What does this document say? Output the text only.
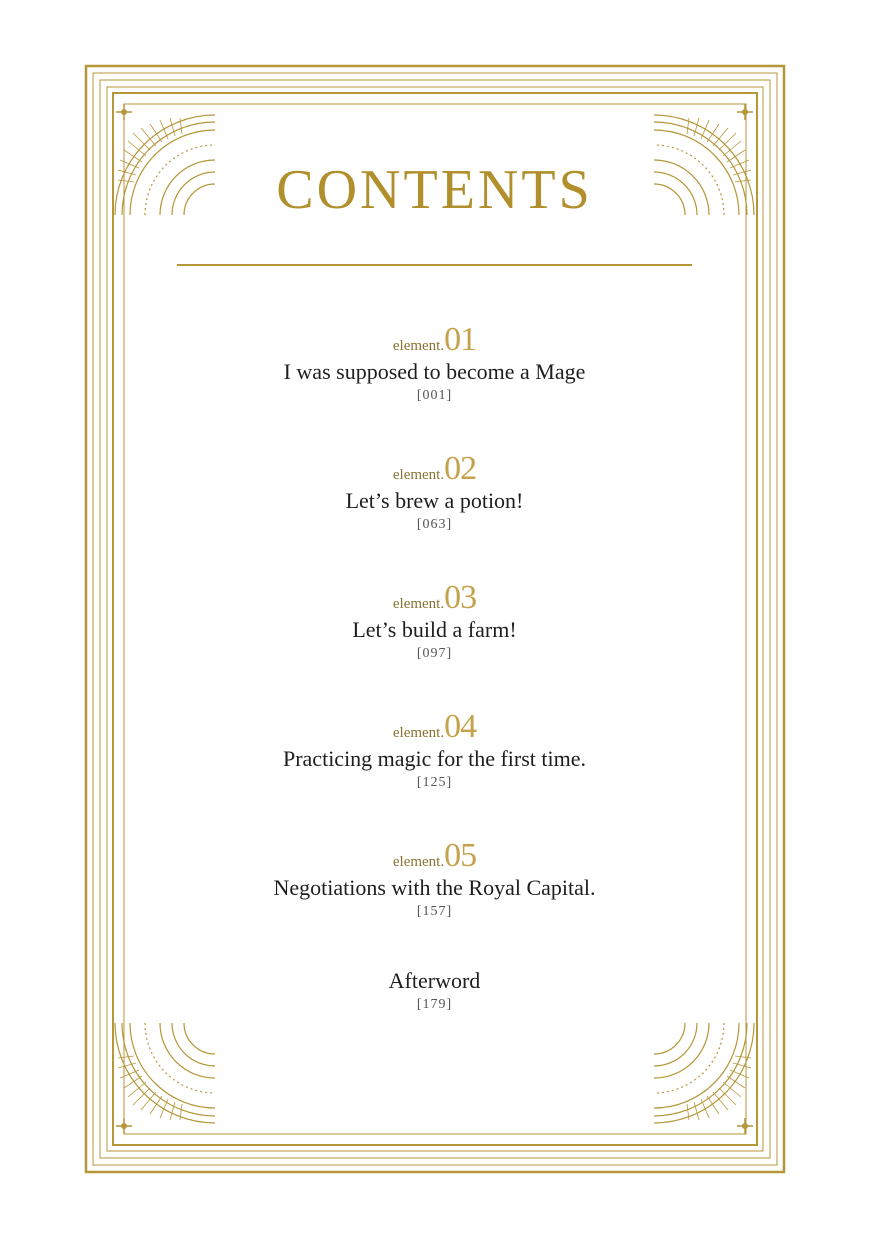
CONTENTS
element.01
I was supposed to become a Mage
[001]
element.02
Let’s brew a potion!
[063]
element.03
Let’s build a farm!
[097]
element.04
Practicing magic for the first time.
[125]
element.05
Negotiations with the Royal Capital.
[157]
Afterword
[179]
